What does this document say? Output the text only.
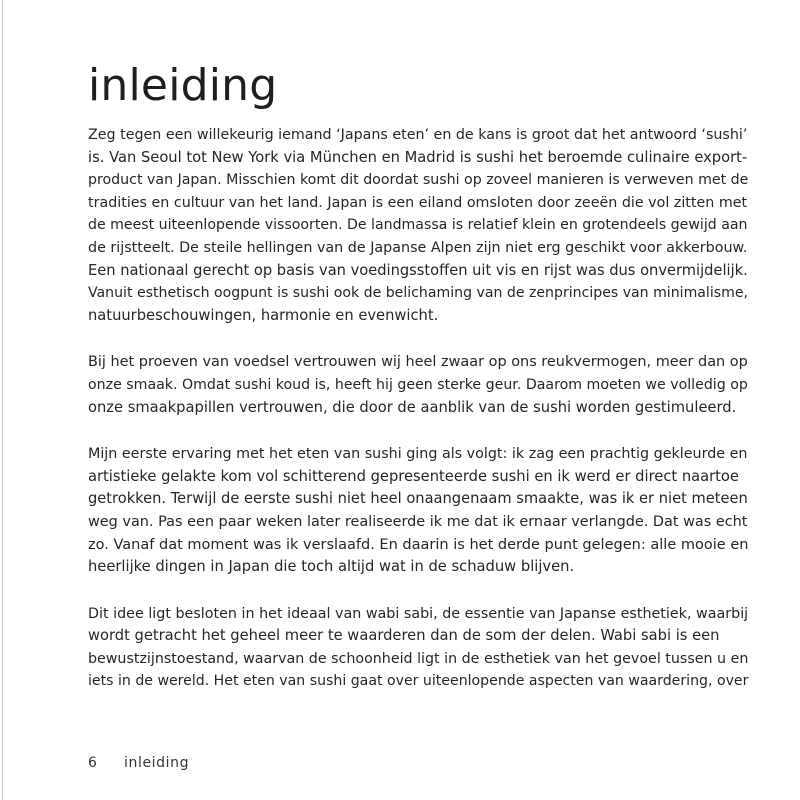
inleiding

Zeg tegen een willekeurig iemand ‘Japans eten’ en de kans is groot dat het antwoord ‘sushi’
is. Van Seoul tot New York via München en Madrid is sushi het beroemde culinaire export-
product van Japan. Misschien komt dit doordat sushi op zoveel manieren is verweven met de
tradities en cultuur van het land. Japan is een eiland omsloten door zeeën die vol zitten met
de meest uiteenlopende vissoorten. De landmassa is relatief klein en grotendeels gewijd aan
de rijstteelt. De steile hellingen van de Japanse Alpen zijn niet erg geschikt voor akkerbouw.
Een nationaal gerecht op basis van voedingsstoffen uit vis en rijst was dus onvermijdelijk.
Vanuit esthetisch oogpunt is sushi ook de belichaming van de zenprincipes van minimalisme,
natuurbeschouwingen, harmonie en evenwicht.

Bij het proeven van voedsel vertrouwen wij heel zwaar op ons reukvermogen, meer dan op
onze smaak. Omdat sushi koud is, heeft hij geen sterke geur. Daarom moeten we volledig op
onze smaakpapillen vertrouwen, die door de aanblik van de sushi worden gestimuleerd.

Mijn eerste ervaring met het eten van sushi ging als volgt: ik zag een prachtig gekleurde en
artistieke gelakte kom vol schitterend gepresenteerde sushi en ik werd er direct naartoe
getrokken. Terwijl de eerste sushi niet heel onaangenaam smaakte, was ik er niet meteen
weg van. Pas een paar weken later realiseerde ik me dat ik ernaar verlangde. Dat was echt
zo. Vanaf dat moment was ik verslaafd. En daarin is het derde punt gelegen: alle mooie en
heerlijke dingen in Japan die toch altijd wat in de schaduw blijven.

Dit idee ligt besloten in het ideaal van wabi sabi, de essentie van Japanse esthetiek, waarbij
wordt getracht het geheel meer te waarderen dan de som der delen. Wabi sabi is een
bewustzijnstoestand, waarvan de schoonheid ligt in de esthetiek van het gevoel tussen u en
iets in de wereld. Het eten van sushi gaat over uiteenlopende aspecten van waardering, over

6 inleiding
